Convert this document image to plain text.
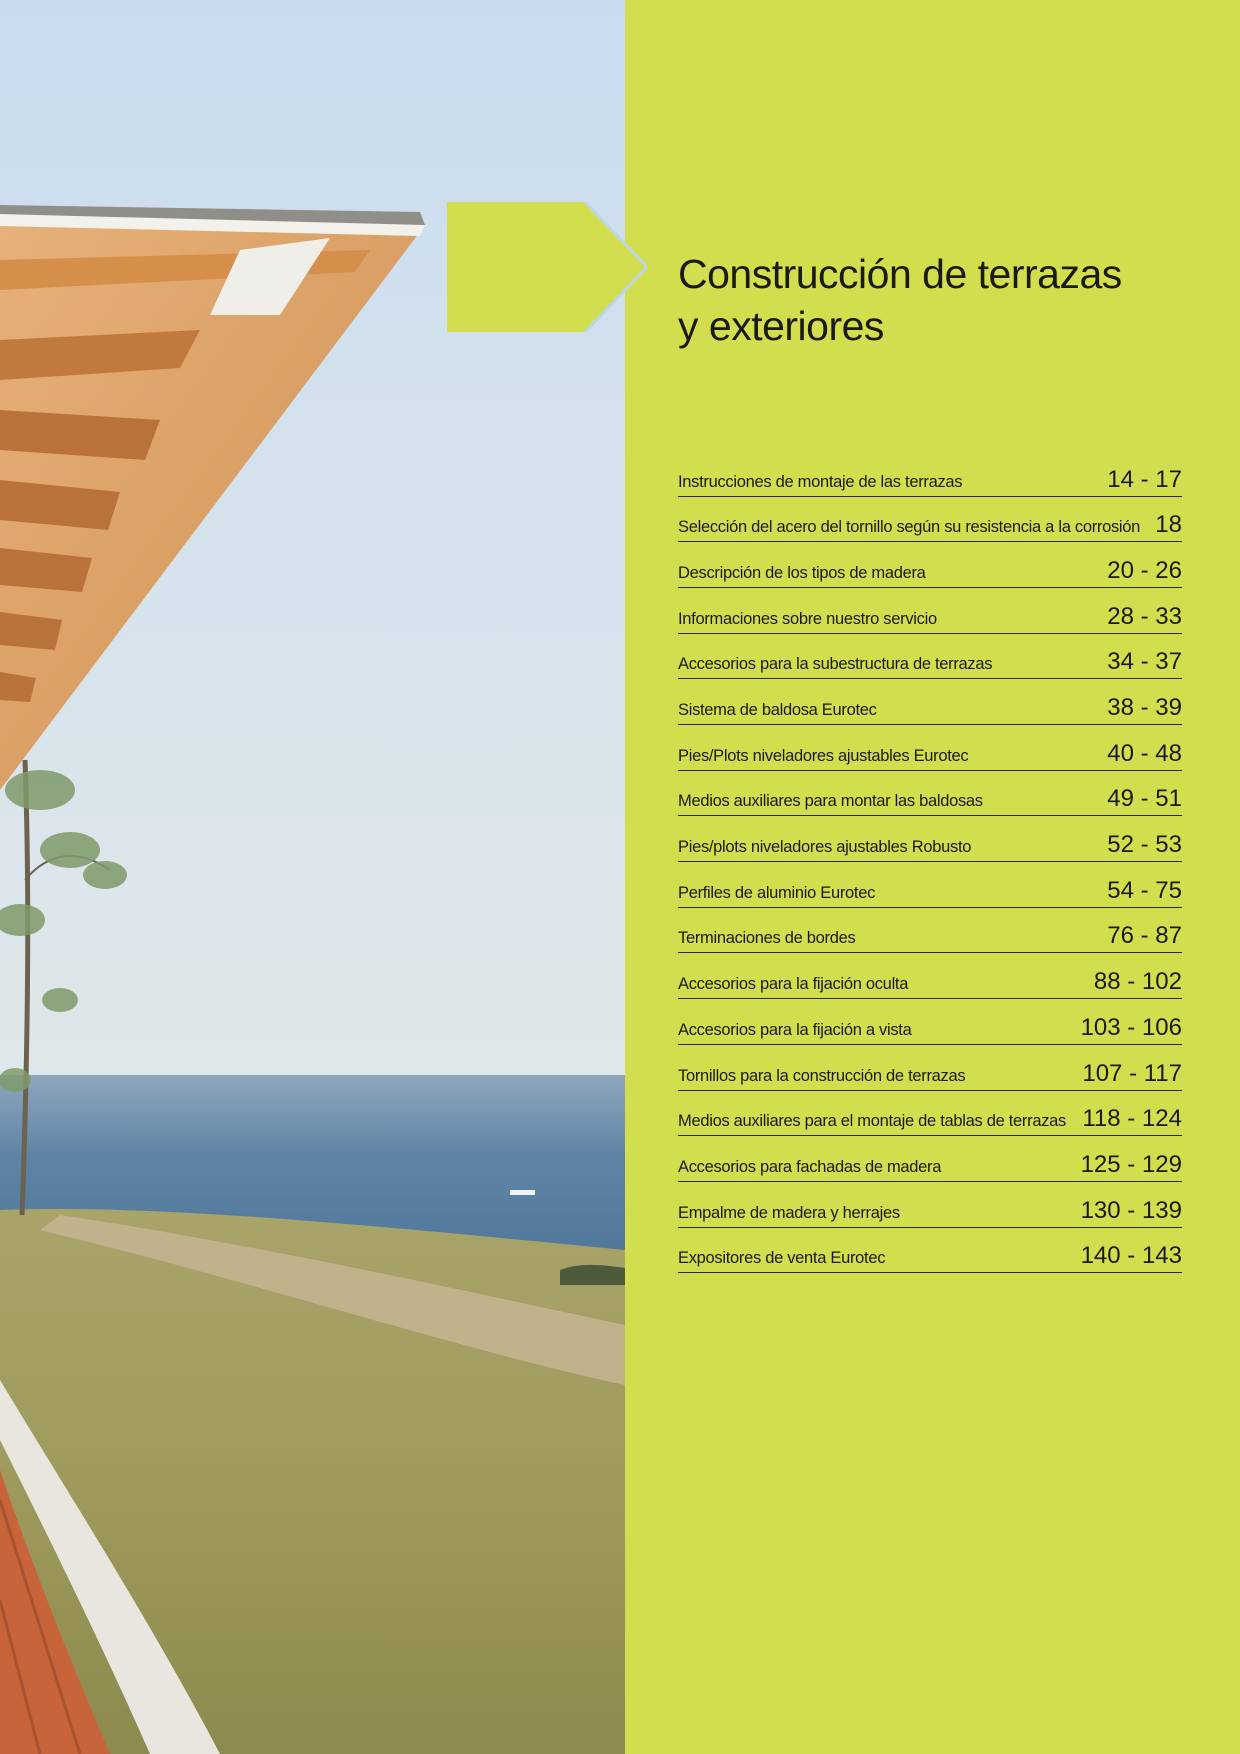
Construcción de terrazas
y exteriores
Instrucciones de montaje de las terrazas	14 - 17
Selección del acero del tornillo según su resistencia a la corrosión 18
Descripción de los tipos de madera	20 - 26
Informaciones sobre nuestro servicio	28 - 33
Accesorios para la subestructura de terrazas	34 - 37
Sistema de baldosa Eurotec	38 - 39
Pies/Plots niveladores ajustables Eurotec	40 - 48
Medios auxiliares para montar las baldosas	49 - 51
Pies/plots niveladores ajustables Robusto	52 - 53
Perfiles de aluminio Eurotec	54 - 75
Terminaciones de bordes	76 - 87
Accesorios para la fijación oculta	88 - 102
Accesorios para la fijación a vista	103 - 106
Tornillos para la construcción de terrazas	107 - 117
Medios auxiliares para el montaje de tablas de terrazas 118 - 124
Accesorios para fachadas de madera	125 - 129
Empalme de madera y herrajes	130 - 139
Expositores de venta Eurotec	140 - 143
